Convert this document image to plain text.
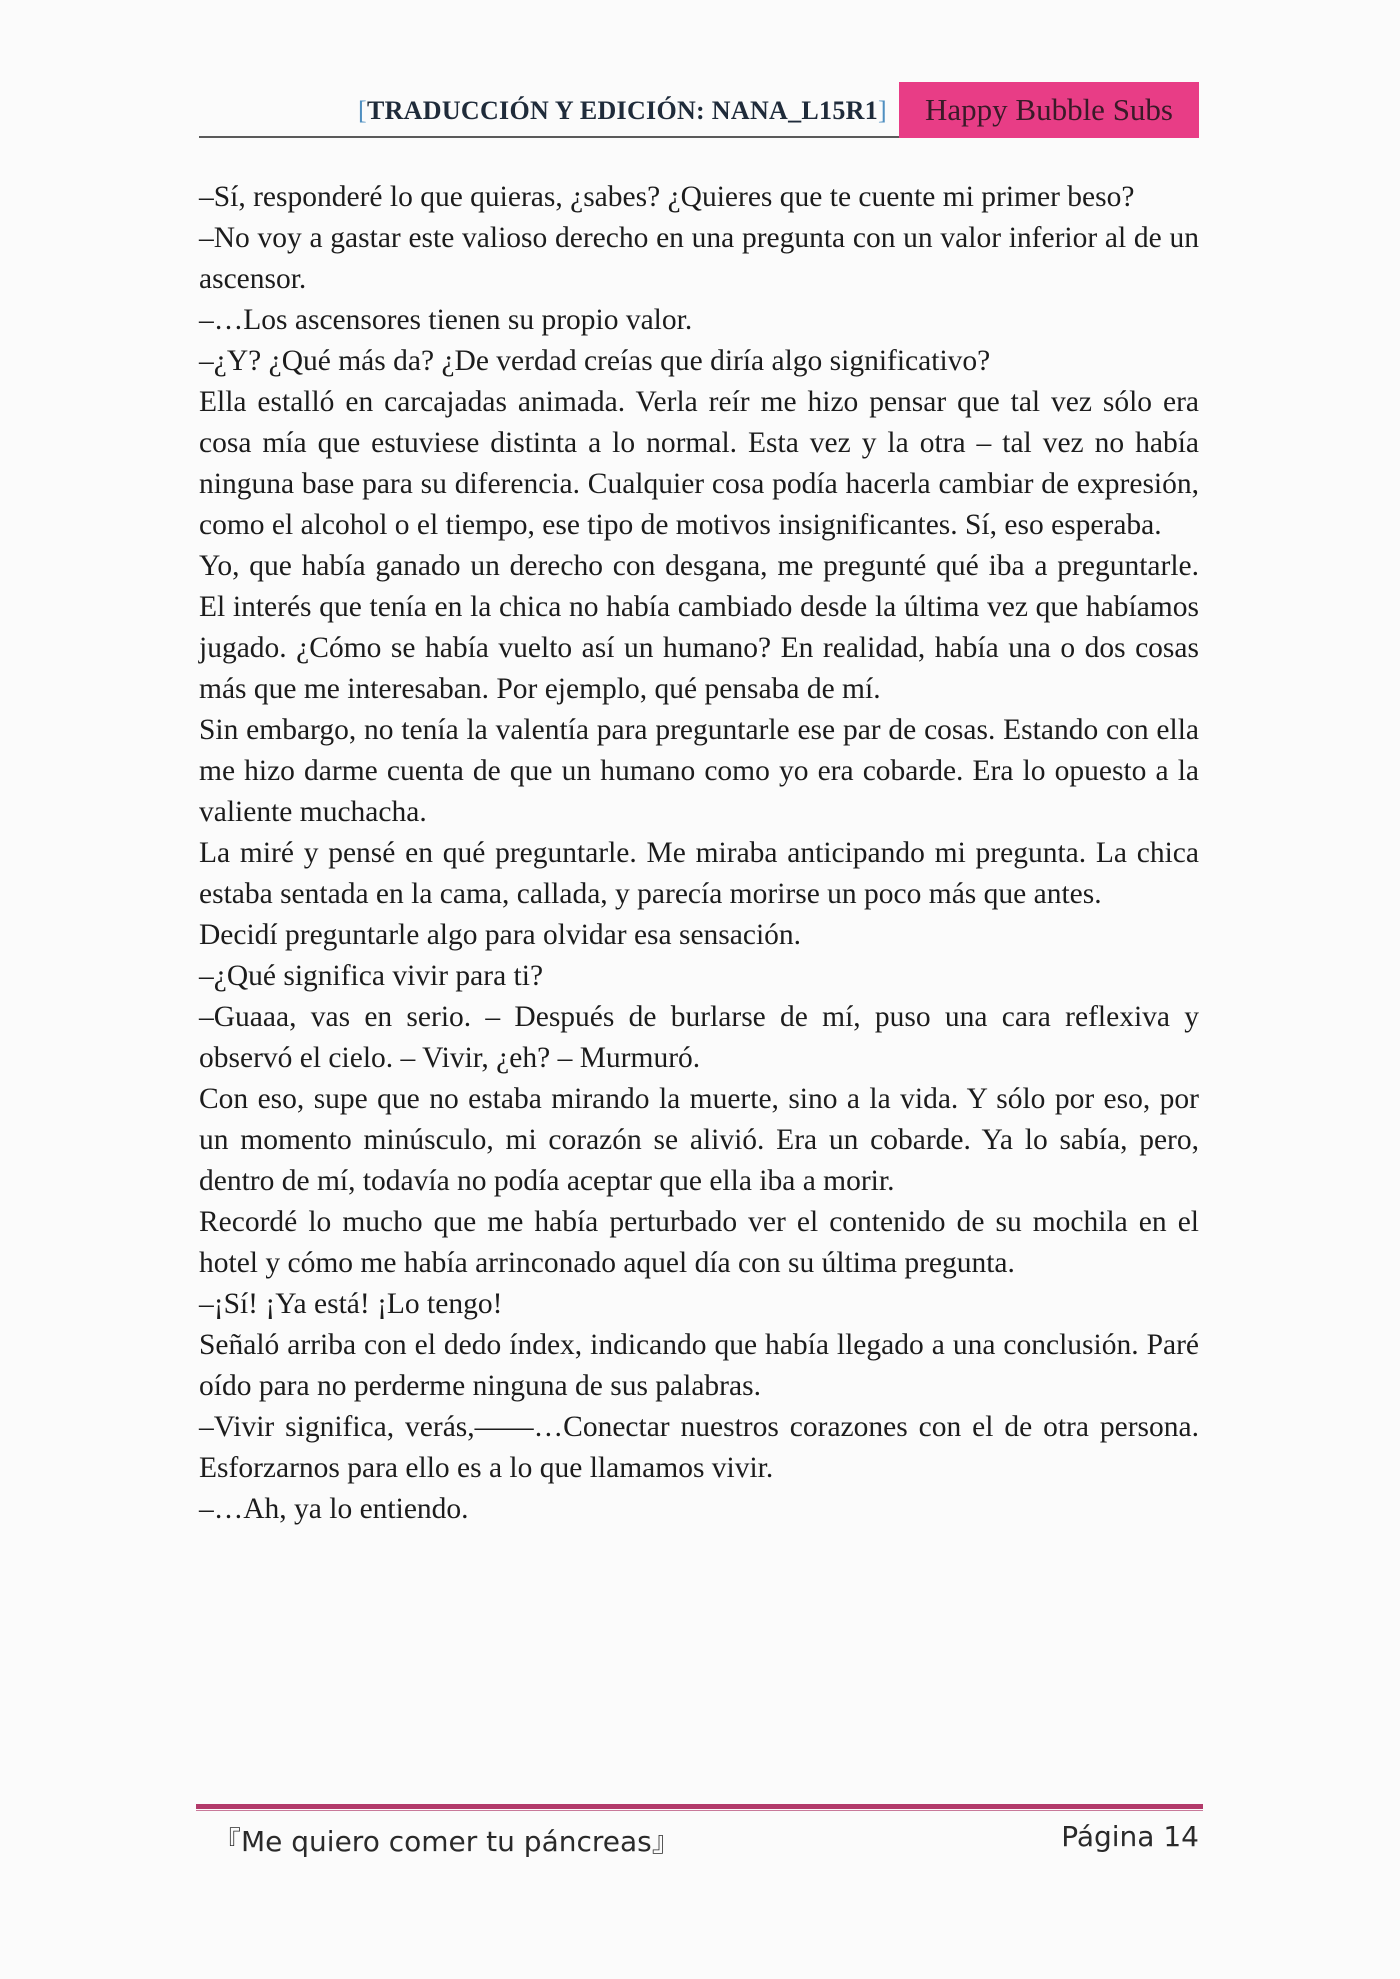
[TRADUCCIÓN Y EDICIÓN: NANA_L15R1]	Happy Bubble Subs

–Sí, responderé lo que quieras, ¿sabes? ¿Quieres que te cuente mi primer beso?

–No voy a gastar este valioso derecho en una pregunta con un valor inferior al de un ascensor.

–…Los ascensores tienen su propio valor.

–¿Y? ¿Qué más da? ¿De verdad creías que diría algo significativo?

Ella estalló en carcajadas animada. Verla reír me hizo pensar que tal vez sólo era cosa mía que estuviese distinta a lo normal. Esta vez y la otra – tal vez no había ninguna base para su diferencia. Cualquier cosa podía hacerla cambiar de expresión, como el alcohol o el tiempo, ese tipo de motivos insignificantes. Sí, eso esperaba.

Yo, que había ganado un derecho con desgana, me pregunté qué iba a preguntarle. El interés que tenía en la chica no había cambiado desde la última vez que habíamos jugado. ¿Cómo se había vuelto así un humano? En realidad, había una o dos cosas más que me interesaban. Por ejemplo, qué pensaba de mí.

Sin embargo, no tenía la valentía para preguntarle ese par de cosas. Estando con ella me hizo darme cuenta de que un humano como yo era cobarde. Era lo opuesto a la valiente muchacha.

La miré y pensé en qué preguntarle. Me miraba anticipando mi pregunta. La chica estaba sentada en la cama, callada, y parecía morirse un poco más que antes.

Decidí preguntarle algo para olvidar esa sensación.

–¿Qué significa vivir para ti?

–Guaaa, vas en serio. – Después de burlarse de mí, puso una cara reflexiva y observó el cielo. – Vivir, ¿eh? – Murmuró.

Con eso, supe que no estaba mirando la muerte, sino a la vida. Y sólo por eso, por un momento minúsculo, mi corazón se alivió. Era un cobarde. Ya lo sabía, pero, dentro de mí, todavía no podía aceptar que ella iba a morir.

Recordé lo mucho que me había perturbado ver el contenido de su mochila en el hotel y cómo me había arrinconado aquel día con su última pregunta.

–¡Sí! ¡Ya está! ¡Lo tengo!

Señaló arriba con el dedo índex, indicando que había llegado a una conclusión. Paré oído para no perderme ninguna de sus palabras.

–Vivir significa, verás,——…Conectar nuestros corazones con el de otra persona. Esforzarnos para ello es a lo que llamamos vivir.

–…Ah, ya lo entiendo.

『Me quiero comer tu páncreas』	Página 14
